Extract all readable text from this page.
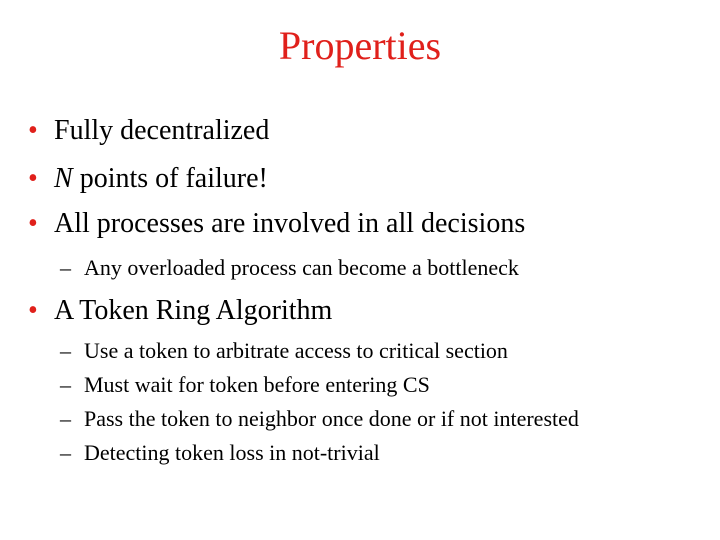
Properties
• Fully decentralized
• N points of failure!
• All processes are involved in all decisions
– Any overloaded process can become a bottleneck
• A Token Ring Algorithm
– Use a token to arbitrate access to critical section
– Must wait for token before entering CS
– Pass the token to neighbor once done or if not interested
– Detecting token loss in not-trivial
